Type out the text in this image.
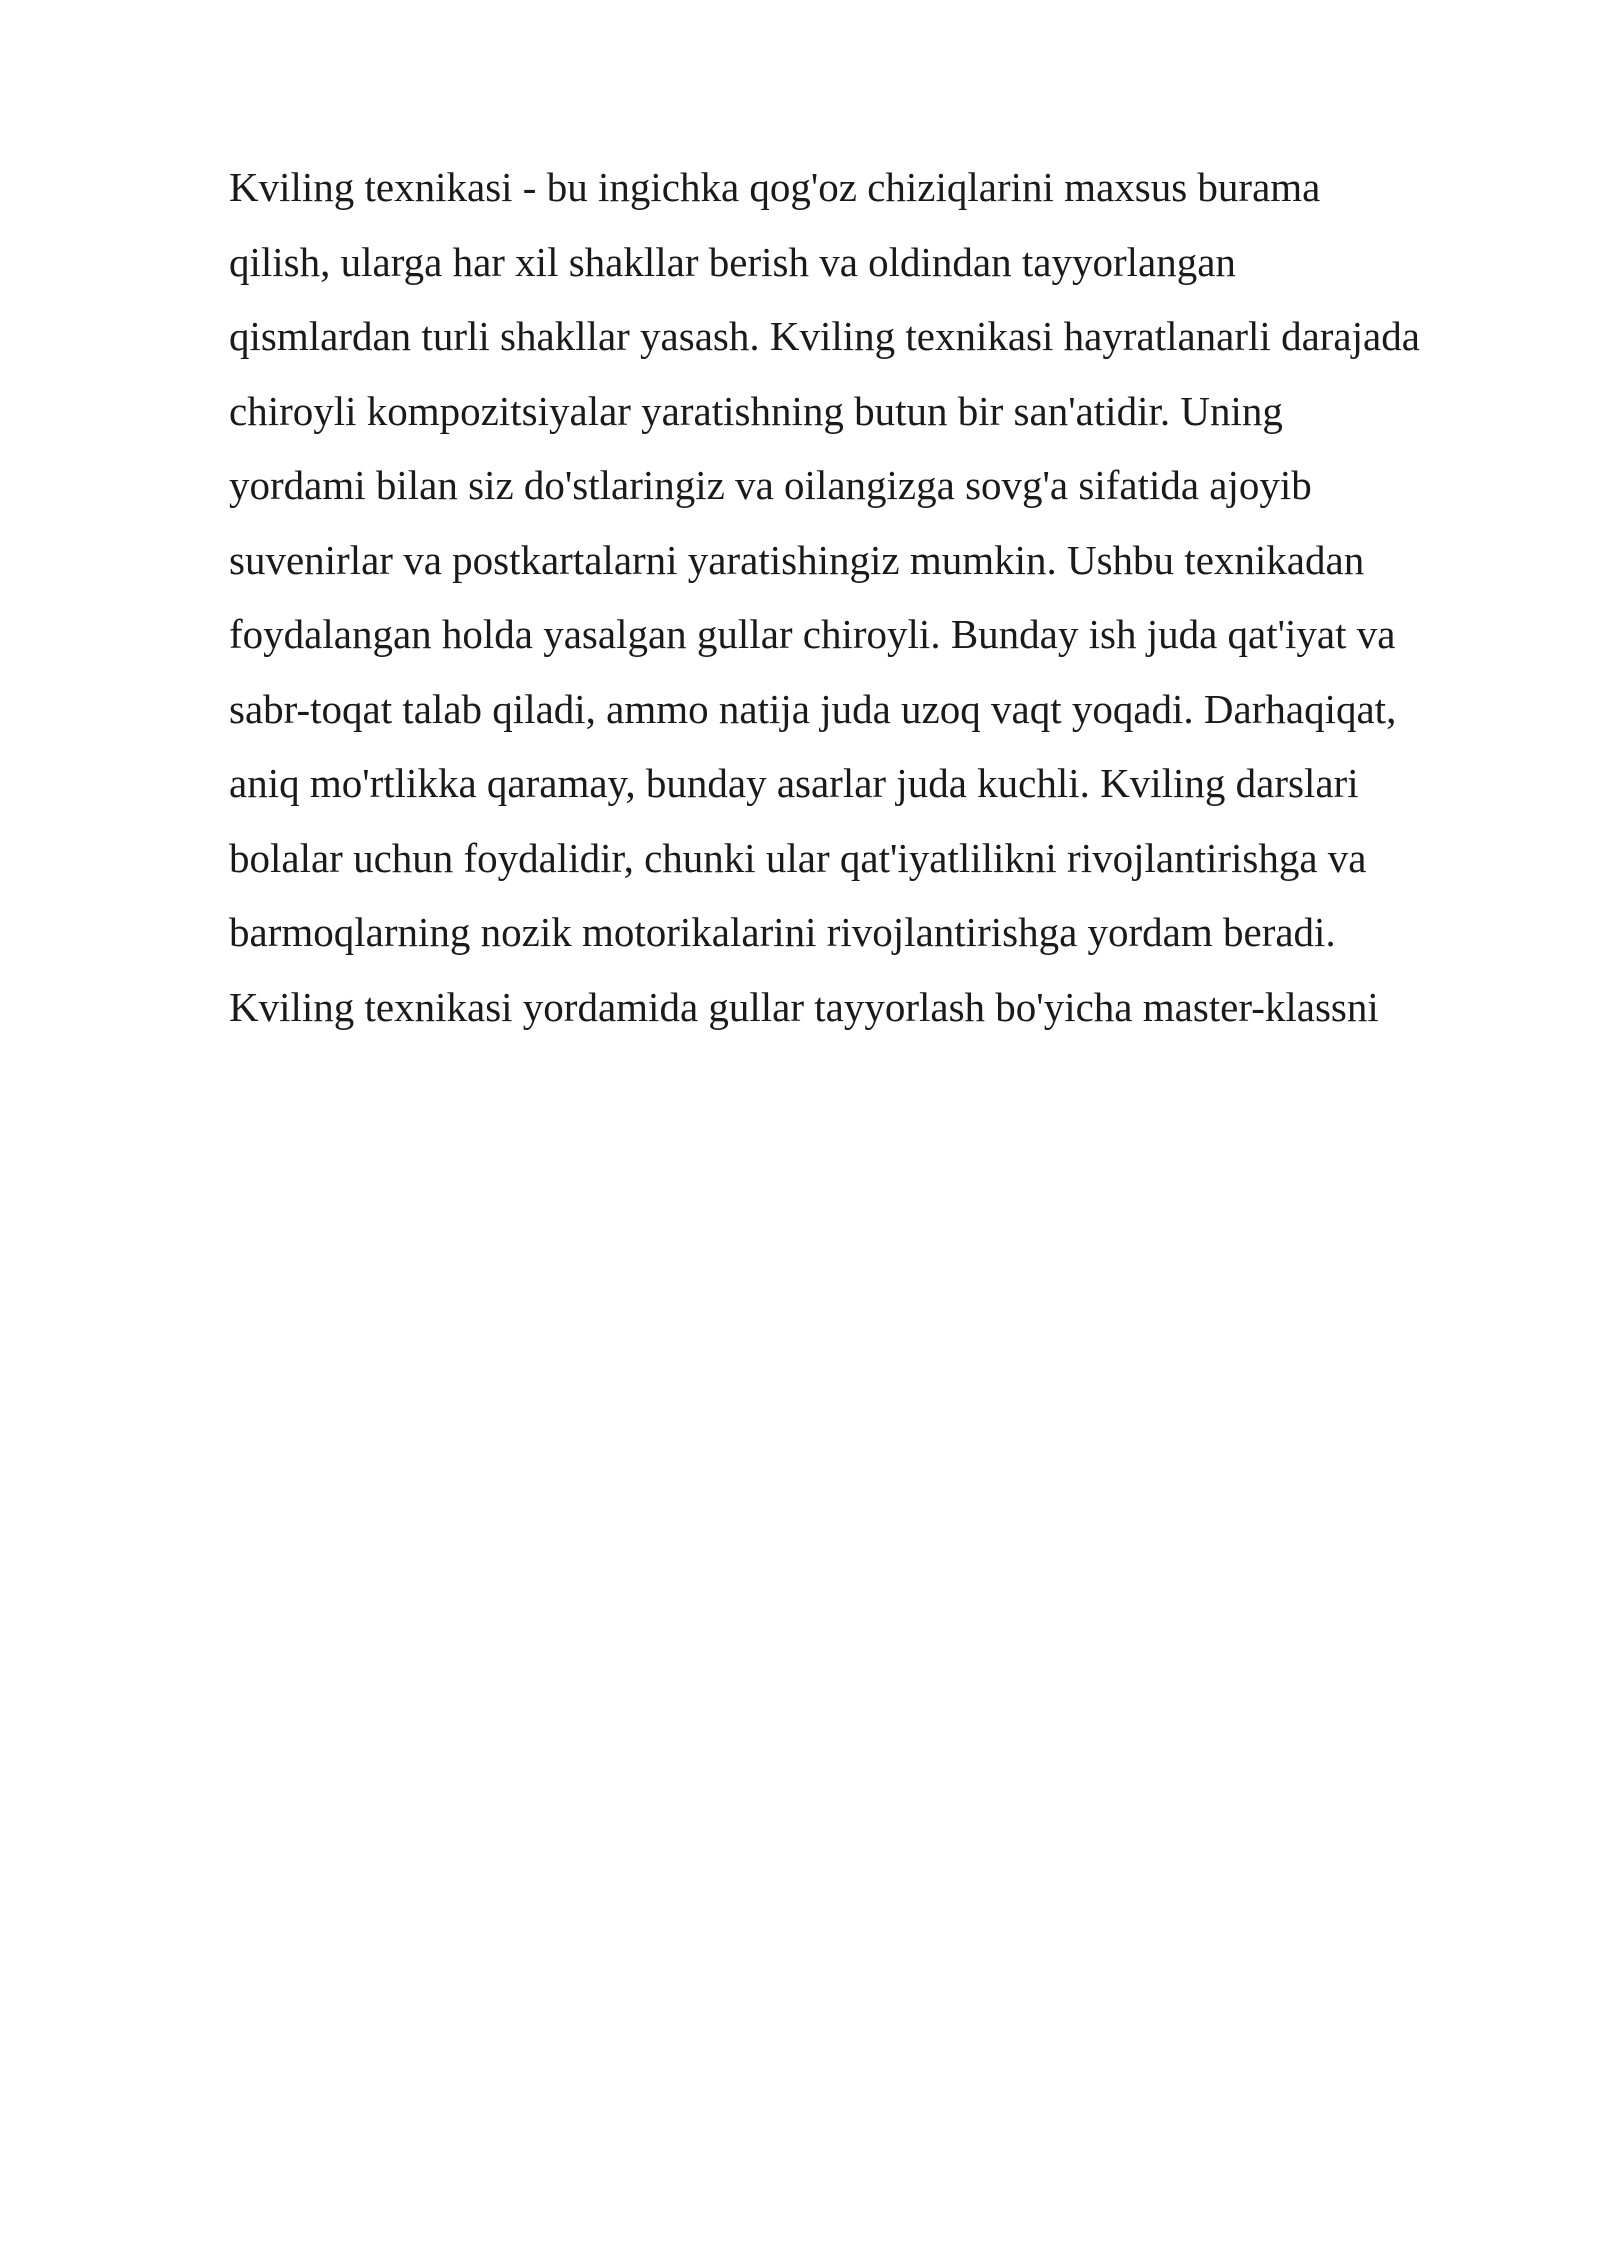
Kviling texnikasi - bu ingichka qog'oz chiziqlarini maxsus burama
qilish, ularga har xil shakllar berish va oldindan tayyorlangan
qismlardan turli shakllar yasash. Kviling texnikasi hayratlanarli darajada
chiroyli kompozitsiyalar yaratishning butun bir san'atidir. Uning
yordami bilan siz do'stlaringiz va oilangizga sovg'a sifatida ajoyib
suvenirlar va postkartalarni yaratishingiz mumkin. Ushbu texnikadan
foydalangan holda yasalgan gullar chiroyli. Bunday ish juda qat'iyat va
sabr-toqat talab qiladi, ammo natija juda uzoq vaqt yoqadi. Darhaqiqat,
aniq mo'rtlikka qaramay, bunday asarlar juda kuchli. Kviling darslari
bolalar uchun foydalidir, chunki ular qat'iyatlilikni rivojlantirishga va
barmoqlarning nozik motorikalarini rivojlantirishga yordam beradi.
Kviling texnikasi yordamida gullar tayyorlash bo'yicha master-klassni
